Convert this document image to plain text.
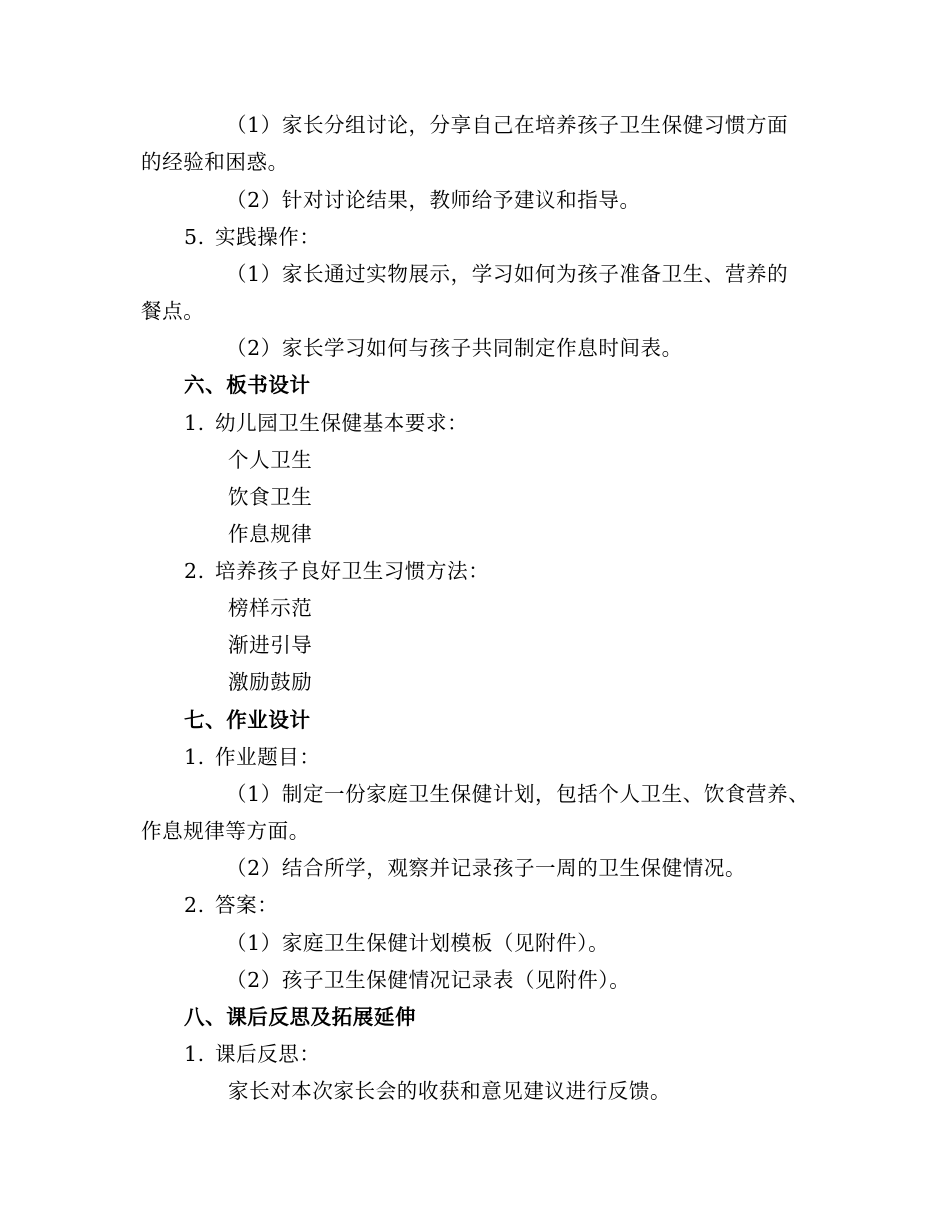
（1）家长分组讨论，分享自己在培养孩子卫生保健习惯方面
的经验和困惑。
（2）针对讨论结果，教师给予建议和指导。
5. 实践操作：
（1）家长通过实物展示，学习如何为孩子准备卫生、营养的
餐点。
（2）家长学习如何与孩子共同制定作息时间表。
六、板书设计
1. 幼儿园卫生保健基本要求：
个人卫生
饮食卫生
作息规律
2. 培养孩子良好卫生习惯方法：
榜样示范
渐进引导
激励鼓励
七、作业设计
1. 作业题目：
（1）制定一份家庭卫生保健计划，包括个人卫生、饮食营养、
作息规律等方面。
（2）结合所学，观察并记录孩子一周的卫生保健情况。
2. 答案：
（1）家庭卫生保健计划模板（见附件）。
（2）孩子卫生保健情况记录表（见附件）。
八、课后反思及拓展延伸
1. 课后反思：
家长对本次家长会的收获和意见建议进行反馈。
